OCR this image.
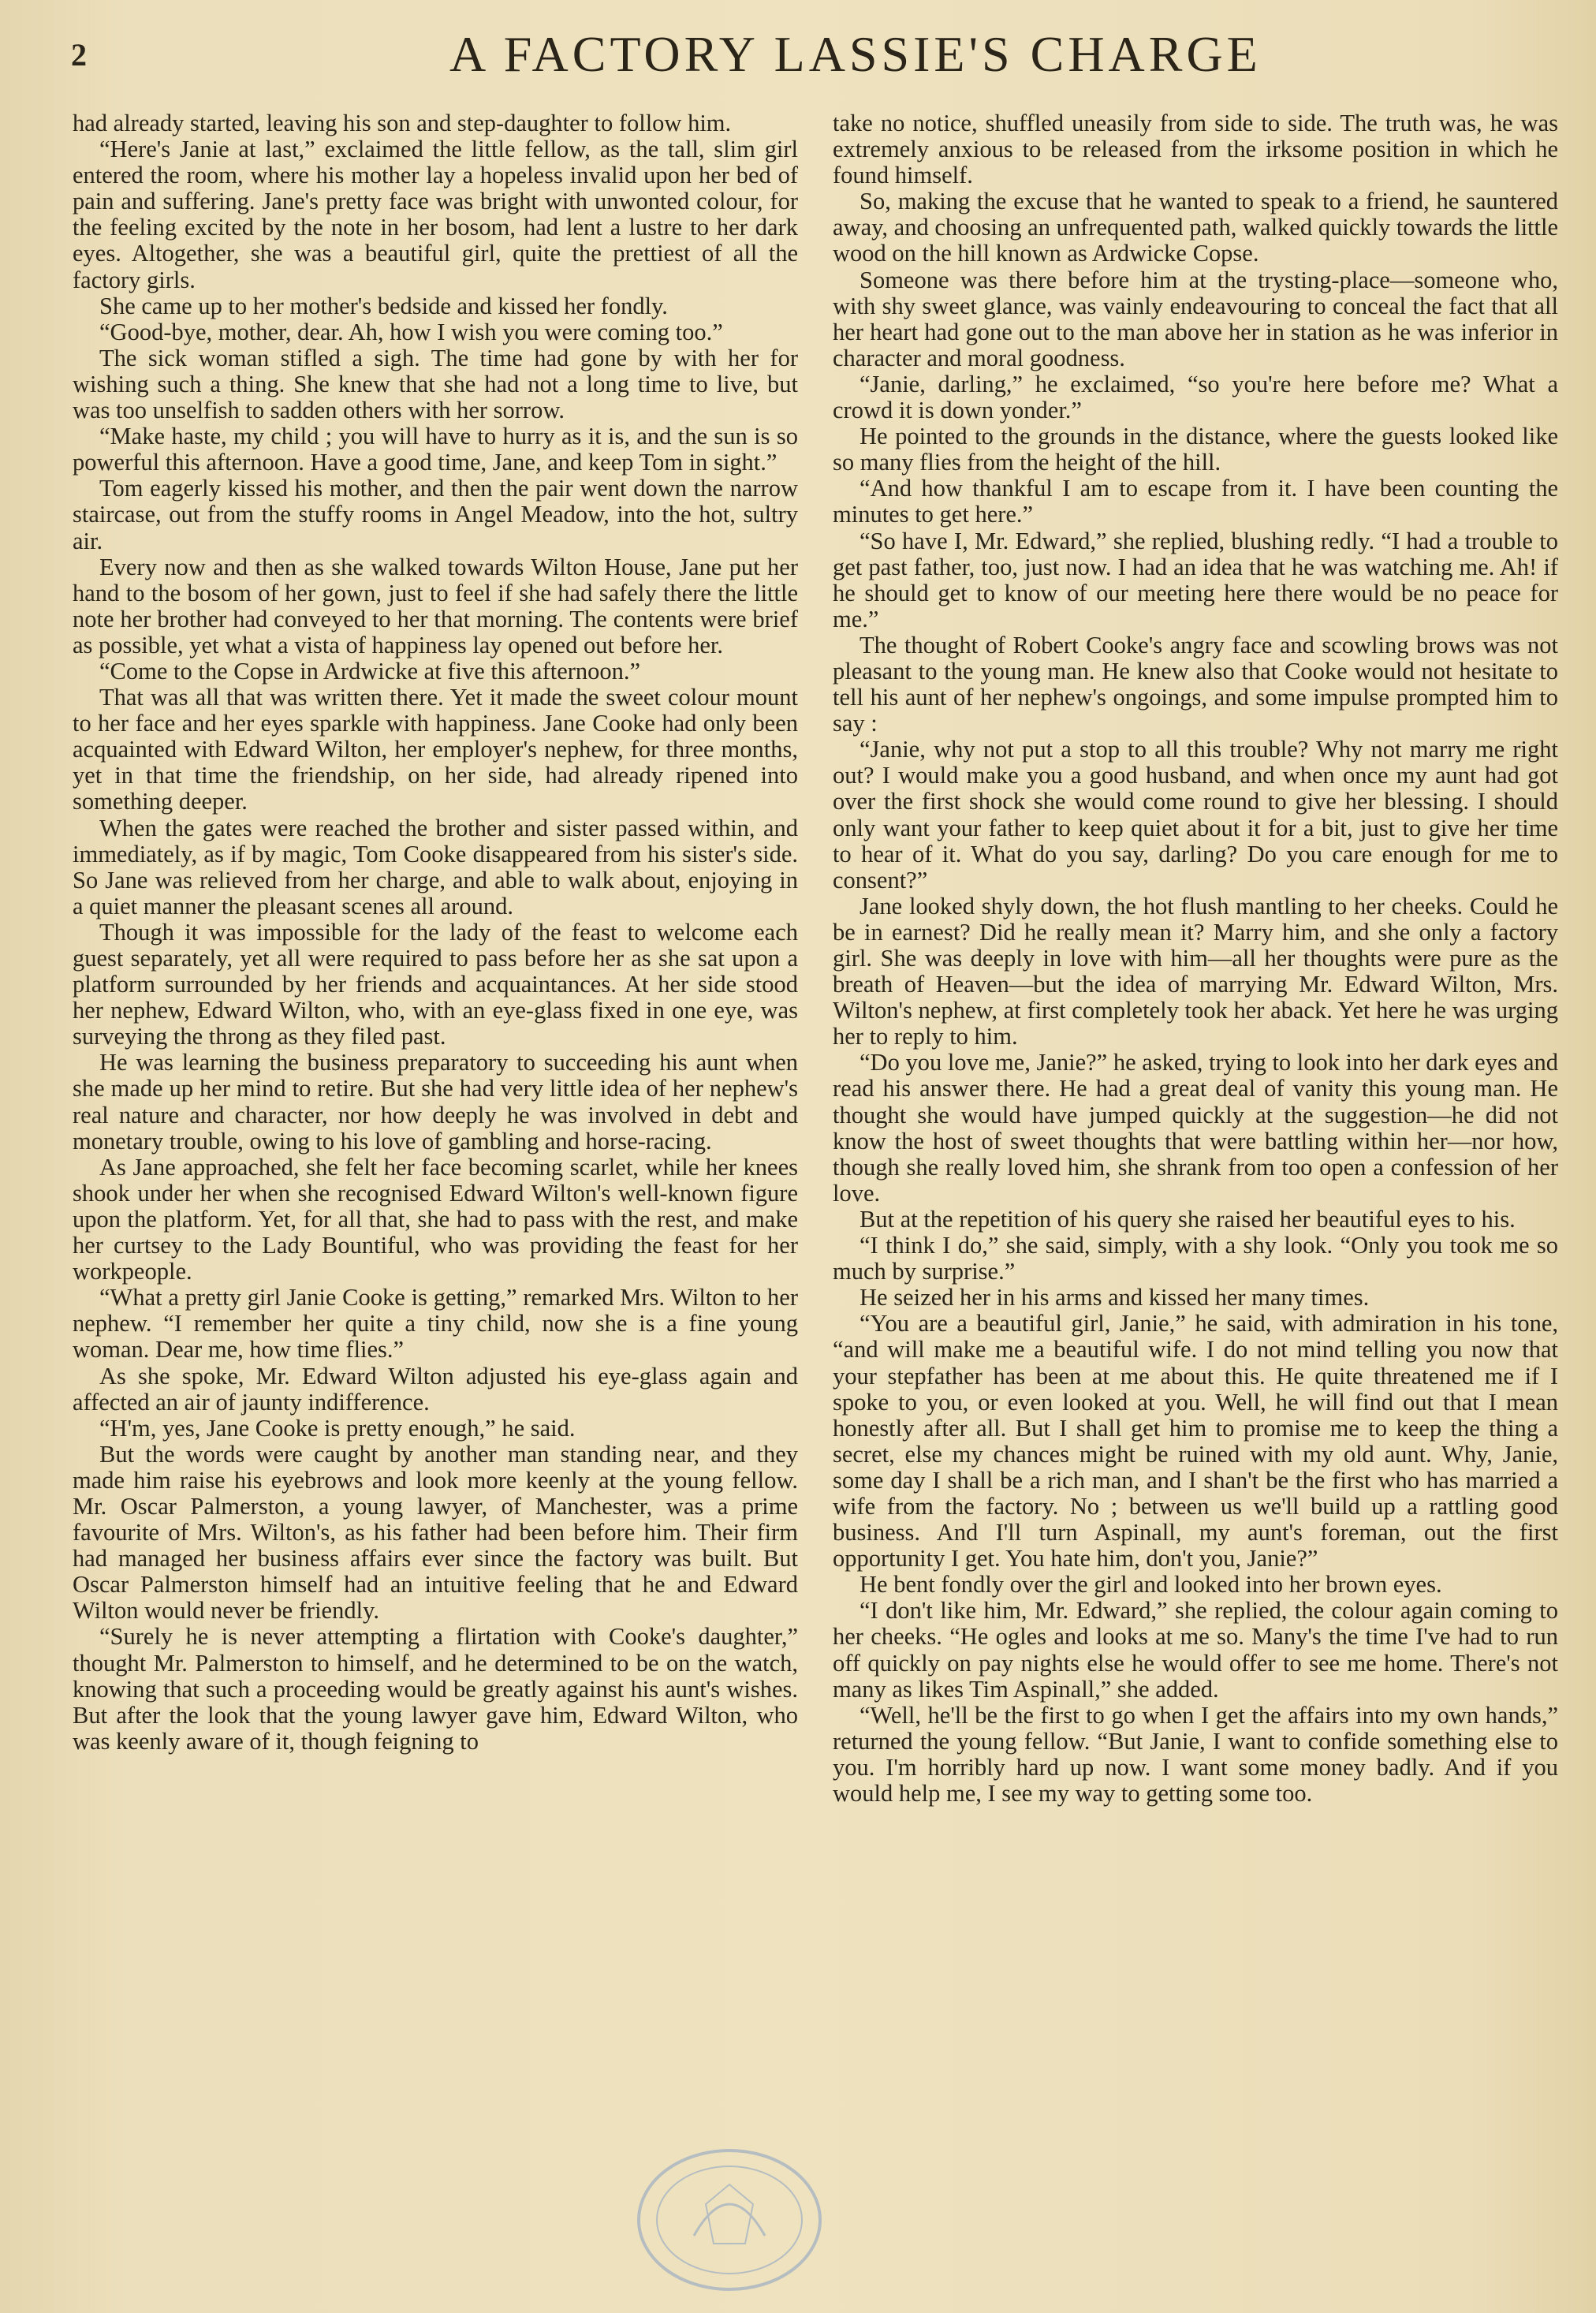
2	A FACTORY LASSIE'S CHARGE

had already started, leaving his son and step-daughter to follow him.

“Here's Janie at last,” exclaimed the little fellow, as the tall, slim girl entered the room, where his mother lay a hopeless invalid upon her bed of pain and suffering. Jane's pretty face was bright with unwonted colour, for the feeling excited by the note in her bosom, had lent a lustre to her dark eyes. Altogether, she was a beautiful girl, quite the prettiest of all the factory girls.

She came up to her mother's bedside and kissed her fondly.

“Good-bye, mother, dear. Ah, how I wish you were coming too.”

The sick woman stifled a sigh. The time had gone by with her for wishing such a thing. She knew that she had not a long time to live, but was too unselfish to sadden others with her sorrow.

“Make haste, my child ; you will have to hurry as it is, and the sun is so powerful this afternoon. Have a good time, Jane, and keep Tom in sight.”

Tom eagerly kissed his mother, and then the pair went down the narrow staircase, out from the stuffy rooms in Angel Meadow, into the hot, sultry air.

Every now and then as she walked towards Wilton House, Jane put her hand to the bosom of her gown, just to feel if she had safely there the little note her brother had conveyed to her that morning. The contents were brief as possible, yet what a vista of happiness lay opened out before her.

“Come to the Copse in Ardwicke at five this afternoon.”

That was all that was written there. Yet it made the sweet colour mount to her face and her eyes sparkle with happiness. Jane Cooke had only been acquainted with Edward Wilton, her employer's nephew, for three months, yet in that time the friendship, on her side, had already ripened into something deeper.

When the gates were reached the brother and sister passed within, and immediately, as if by magic, Tom Cooke disappeared from his sister's side. So Jane was relieved from her charge, and able to walk about, enjoying in a quiet manner the pleasant scenes all around.

Though it was impossible for the lady of the feast to welcome each guest separately, yet all were required to pass before her as she sat upon a platform surrounded by her friends and acquaintances. At her side stood her nephew, Edward Wilton, who, with an eye-glass fixed in one eye, was surveying the throng as they filed past.

He was learning the business preparatory to succeeding his aunt when she made up her mind to retire. But she had very little idea of her nephew's real nature and character, nor how deeply he was involved in debt and monetary trouble, owing to his love of gambling and horse-racing.

As Jane approached, she felt her face becoming scarlet, while her knees shook under her when she recognised Edward Wilton's well-known figure upon the platform. Yet, for all that, she had to pass with the rest, and make her curtsey to the Lady Bountiful, who was providing the feast for her workpeople.

“What a pretty girl Janie Cooke is getting,” remarked Mrs. Wilton to her nephew. “I remember her quite a tiny child, now she is a fine young woman. Dear me, how time flies.”

As she spoke, Mr. Edward Wilton adjusted his eye-glass again and affected an air of jaunty indifference.

“H'm, yes, Jane Cooke is pretty enough,” he said.

But the words were caught by another man standing near, and they made him raise his eyebrows and look more keenly at the young fellow. Mr. Oscar Palmerston, a young lawyer, of Manchester, was a prime favourite of Mrs. Wilton's, as his father had been before him. Their firm had managed her business affairs ever since the factory was built. But Oscar Palmerston himself had an intuitive feeling that he and Edward Wilton would never be friendly.

“Surely he is never attempting a flirtation with Cooke's daughter,” thought Mr. Palmerston to himself, and he determined to be on the watch, knowing that such a proceeding would be greatly against his aunt's wishes. But after the look that the young lawyer gave him, Edward Wilton, who was keenly aware of it, though feigning to

take no notice, shuffled uneasily from side to side. The truth was, he was extremely anxious to be released from the irksome position in which he found himself.

So, making the excuse that he wanted to speak to a friend, he sauntered away, and choosing an unfrequented path, walked quickly towards the little wood on the hill known as Ardwicke Copse.

Someone was there before him at the trysting-place—someone who, with shy sweet glance, was vainly endeavouring to conceal the fact that all her heart had gone out to the man above her in station as he was inferior in character and moral goodness.

“Janie, darling,” he exclaimed, “so you're here before me? What a crowd it is down yonder.”

He pointed to the grounds in the distance, where the guests looked like so many flies from the height of the hill.

“And how thankful I am to escape from it. I have been counting the minutes to get here.”

“So have I, Mr. Edward,” she replied, blushing redly. “I had a trouble to get past father, too, just now. I had an idea that he was watching me. Ah! if he should get to know of our meeting here there would be no peace for me.”

The thought of Robert Cooke's angry face and scowling brows was not pleasant to the young man. He knew also that Cooke would not hesitate to tell his aunt of her nephew's ongoings, and some impulse prompted him to say :

“Janie, why not put a stop to all this trouble? Why not marry me right out? I would make you a good husband, and when once my aunt had got over the first shock she would come round to give her blessing. I should only want your father to keep quiet about it for a bit, just to give her time to hear of it. What do you say, darling? Do you care enough for me to consent?”

Jane looked shyly down, the hot flush mantling to her cheeks. Could he be in earnest? Did he really mean it? Marry him, and she only a factory girl. She was deeply in love with him—all her thoughts were pure as the breath of Heaven—but the idea of marrying Mr. Edward Wilton, Mrs. Wilton's nephew, at first completely took her aback. Yet here he was urging her to reply to him.

“Do you love me, Janie?” he asked, trying to look into her dark eyes and read his answer there. He had a great deal of vanity this young man. He thought she would have jumped quickly at the suggestion—he did not know the host of sweet thoughts that were battling within her—nor how, though she really loved him, she shrank from too open a confession of her love.

But at the repetition of his query she raised her beautiful eyes to his.

“I think I do,” she said, simply, with a shy look. “Only you took me so much by surprise.”

He seized her in his arms and kissed her many times.

“You are a beautiful girl, Janie,” he said, with admiration in his tone, “and will make me a beautiful wife. I do not mind telling you now that your stepfather has been at me about this. He quite threatened me if I spoke to you, or even looked at you. Well, he will find out that I mean honestly after all. But I shall get him to promise me to keep the thing a secret, else my chances might be ruined with my old aunt. Why, Janie, some day I shall be a rich man, and I shan't be the first who has married a wife from the factory. No ; between us we'll build up a rattling good business. And I'll turn Aspinall, my aunt's foreman, out the first opportunity I get. You hate him, don't you, Janie?”

He bent fondly over the girl and looked into her brown eyes.

“I don't like him, Mr. Edward,” she replied, the colour again coming to her cheeks. “He ogles and looks at me so. Many's the time I've had to run off quickly on pay nights else he would offer to see me home. There's not many as likes Tim Aspinall,” she added.

“Well, he'll be the first to go when I get the affairs into my own hands,” returned the young fellow. “But Janie, I want to confide something else to you. I'm horribly hard up now. I want some money badly. And if you would help me, I see my way to getting some too.
